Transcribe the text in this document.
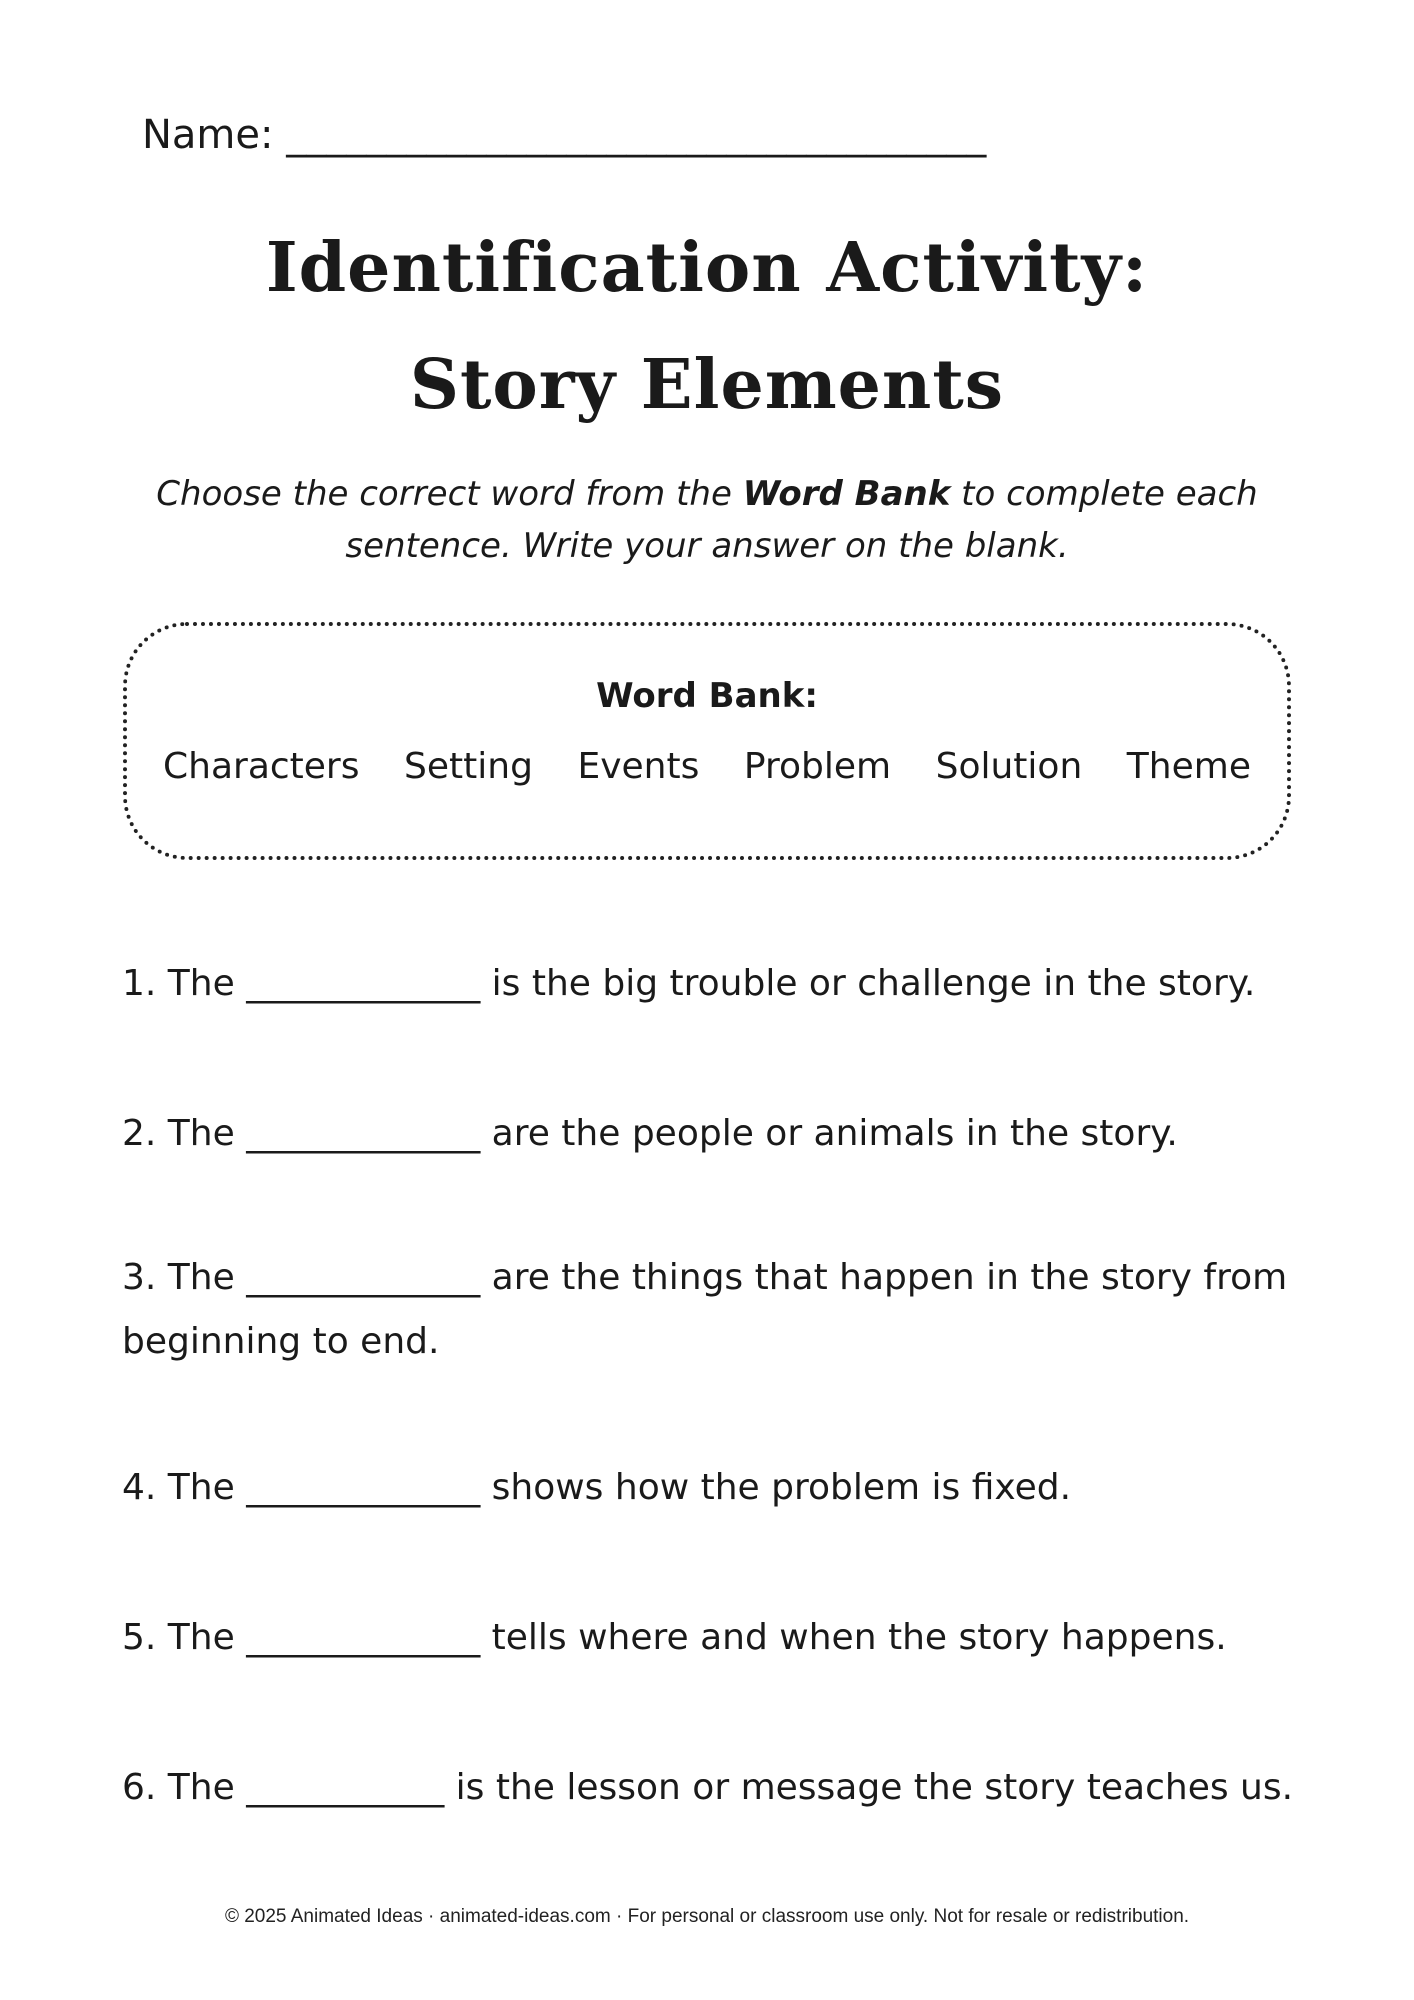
Name: ___________________________________
Identification Activity:
Story Elements
Choose the correct word from the Word Bank to complete each sentence. Write your answer on the blank.
Word Bank:
Characters Setting Events Problem Solution Theme
1. The _____________ is the big trouble or challenge in the story.
2. The _____________ are the people or animals in the story.
3. The _____________ are the things that happen in the story from beginning to end.
4. The _____________ shows how the problem is fixed.
5. The _____________ tells where and when the story happens.
6. The ___________ is the lesson or message the story teaches us.
© 2025 Animated Ideas · animated-ideas.com · For personal or classroom use only. Not for resale or redistribution.
